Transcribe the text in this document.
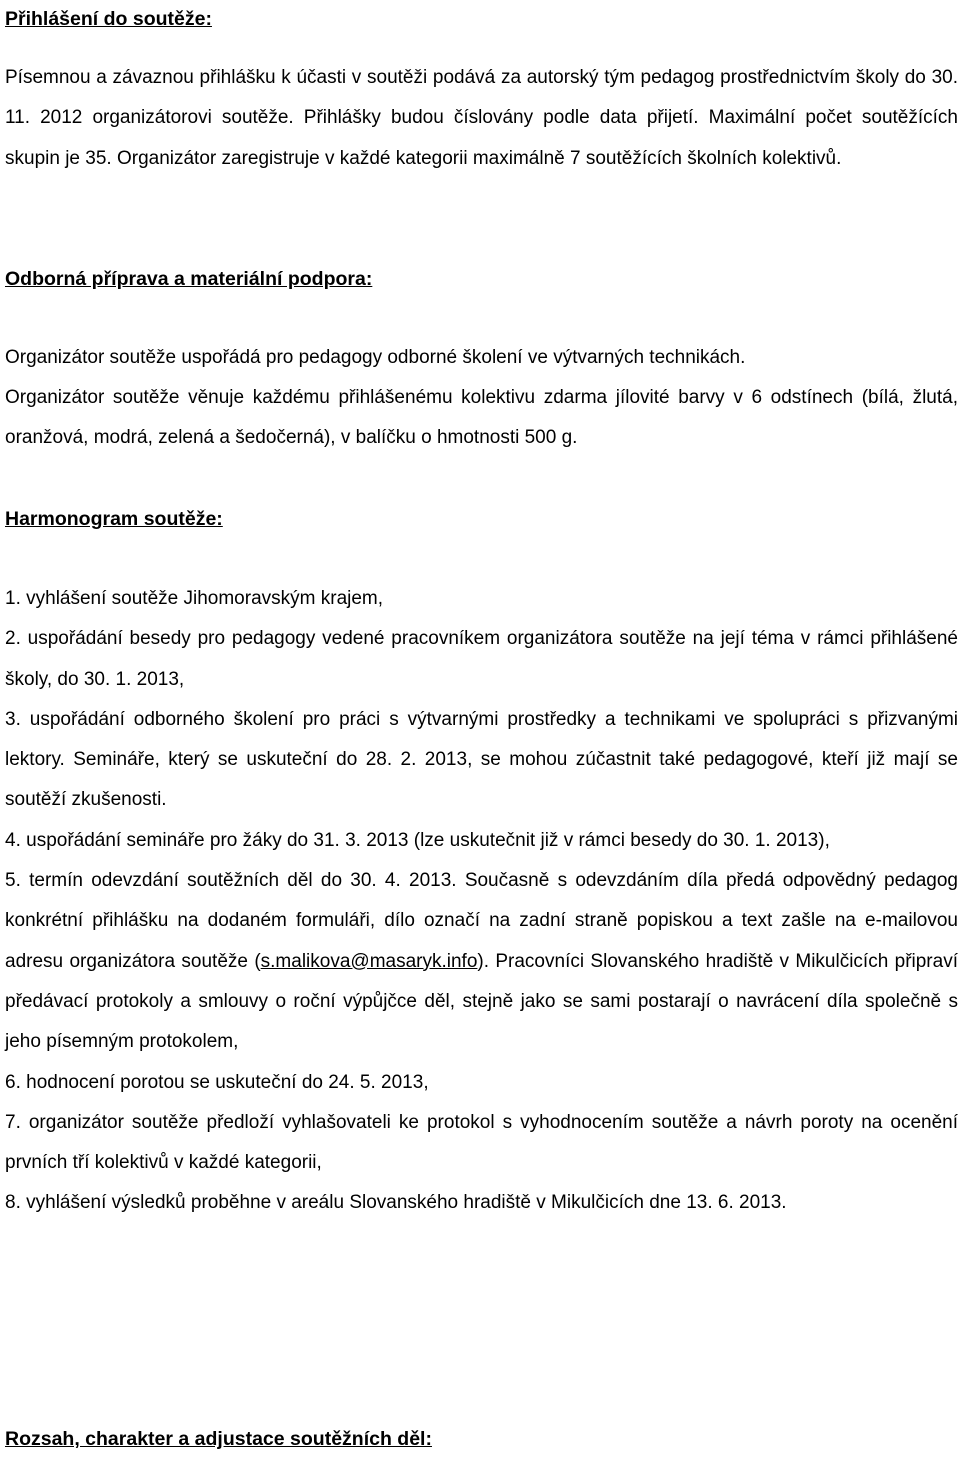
Přihlášení do soutěže:
Písemnou a závaznou přihlášku k účasti v soutěži podává za autorský tým pedagog prostřednictvím školy do 30. 11. 2012 organizátorovi soutěže. Přihlášky budou číslovány podle data přijetí. Maximální počet soutěžících skupin je 35. Organizátor zaregistruje v každé kategorii maximálně 7 soutěžících školních kolektivů.
Odborná příprava a materiální podpora:
Organizátor soutěže uspořádá pro pedagogy odborné školení ve výtvarných technikách.
Organizátor soutěže věnuje každému přihlášenému kolektivu zdarma jílovité barvy v 6 odstínech (bílá, žlutá, oranžová, modrá, zelená a šedočerná), v balíčku o hmotnosti 500 g.
Harmonogram soutěže:
1. vyhlášení soutěže Jihomoravským krajem,
2. uspořádání besedy pro pedagogy vedené pracovníkem organizátora soutěže na její téma v rámci přihlášené školy, do 30. 1. 2013,
3. uspořádání odborného školení pro práci s výtvarnými prostředky a technikami ve spolupráci s přizvanými lektory. Semináře, který se uskuteční do 28. 2. 2013, se mohou zúčastnit také pedagogové, kteří již mají se soutěží zkušenosti.
4. uspořádání semináře pro žáky do 31. 3. 2013 (lze uskutečnit již v rámci besedy do 30. 1. 2013),
5. termín odevzdání soutěžních děl do 30. 4. 2013. Současně s odevzdáním díla předá odpovědný pedagog konkrétní přihlášku na dodaném formuláři, dílo označí na zadní straně popiskou a text zašle na e-mailovou adresu organizátora soutěže (s.malikova@masaryk.info). Pracovníci Slovanského hradiště v Mikulčicích připraví předávací protokoly a smlouvy o roční výpůjčce děl, stejně jako se sami postarají o navrácení díla společně s jeho písemným protokolem,
6. hodnocení porotou se uskuteční do 24. 5. 2013,
7. organizátor soutěže předloží vyhlašovateli ke protokol s vyhodnocením soutěže a návrh poroty na ocenění prvních tří kolektivů v každé kategorii,
8. vyhlášení výsledků proběhne v areálu Slovanského hradiště v Mikulčicích dne 13. 6. 2013.
Rozsah, charakter a adjustace soutěžních děl:
